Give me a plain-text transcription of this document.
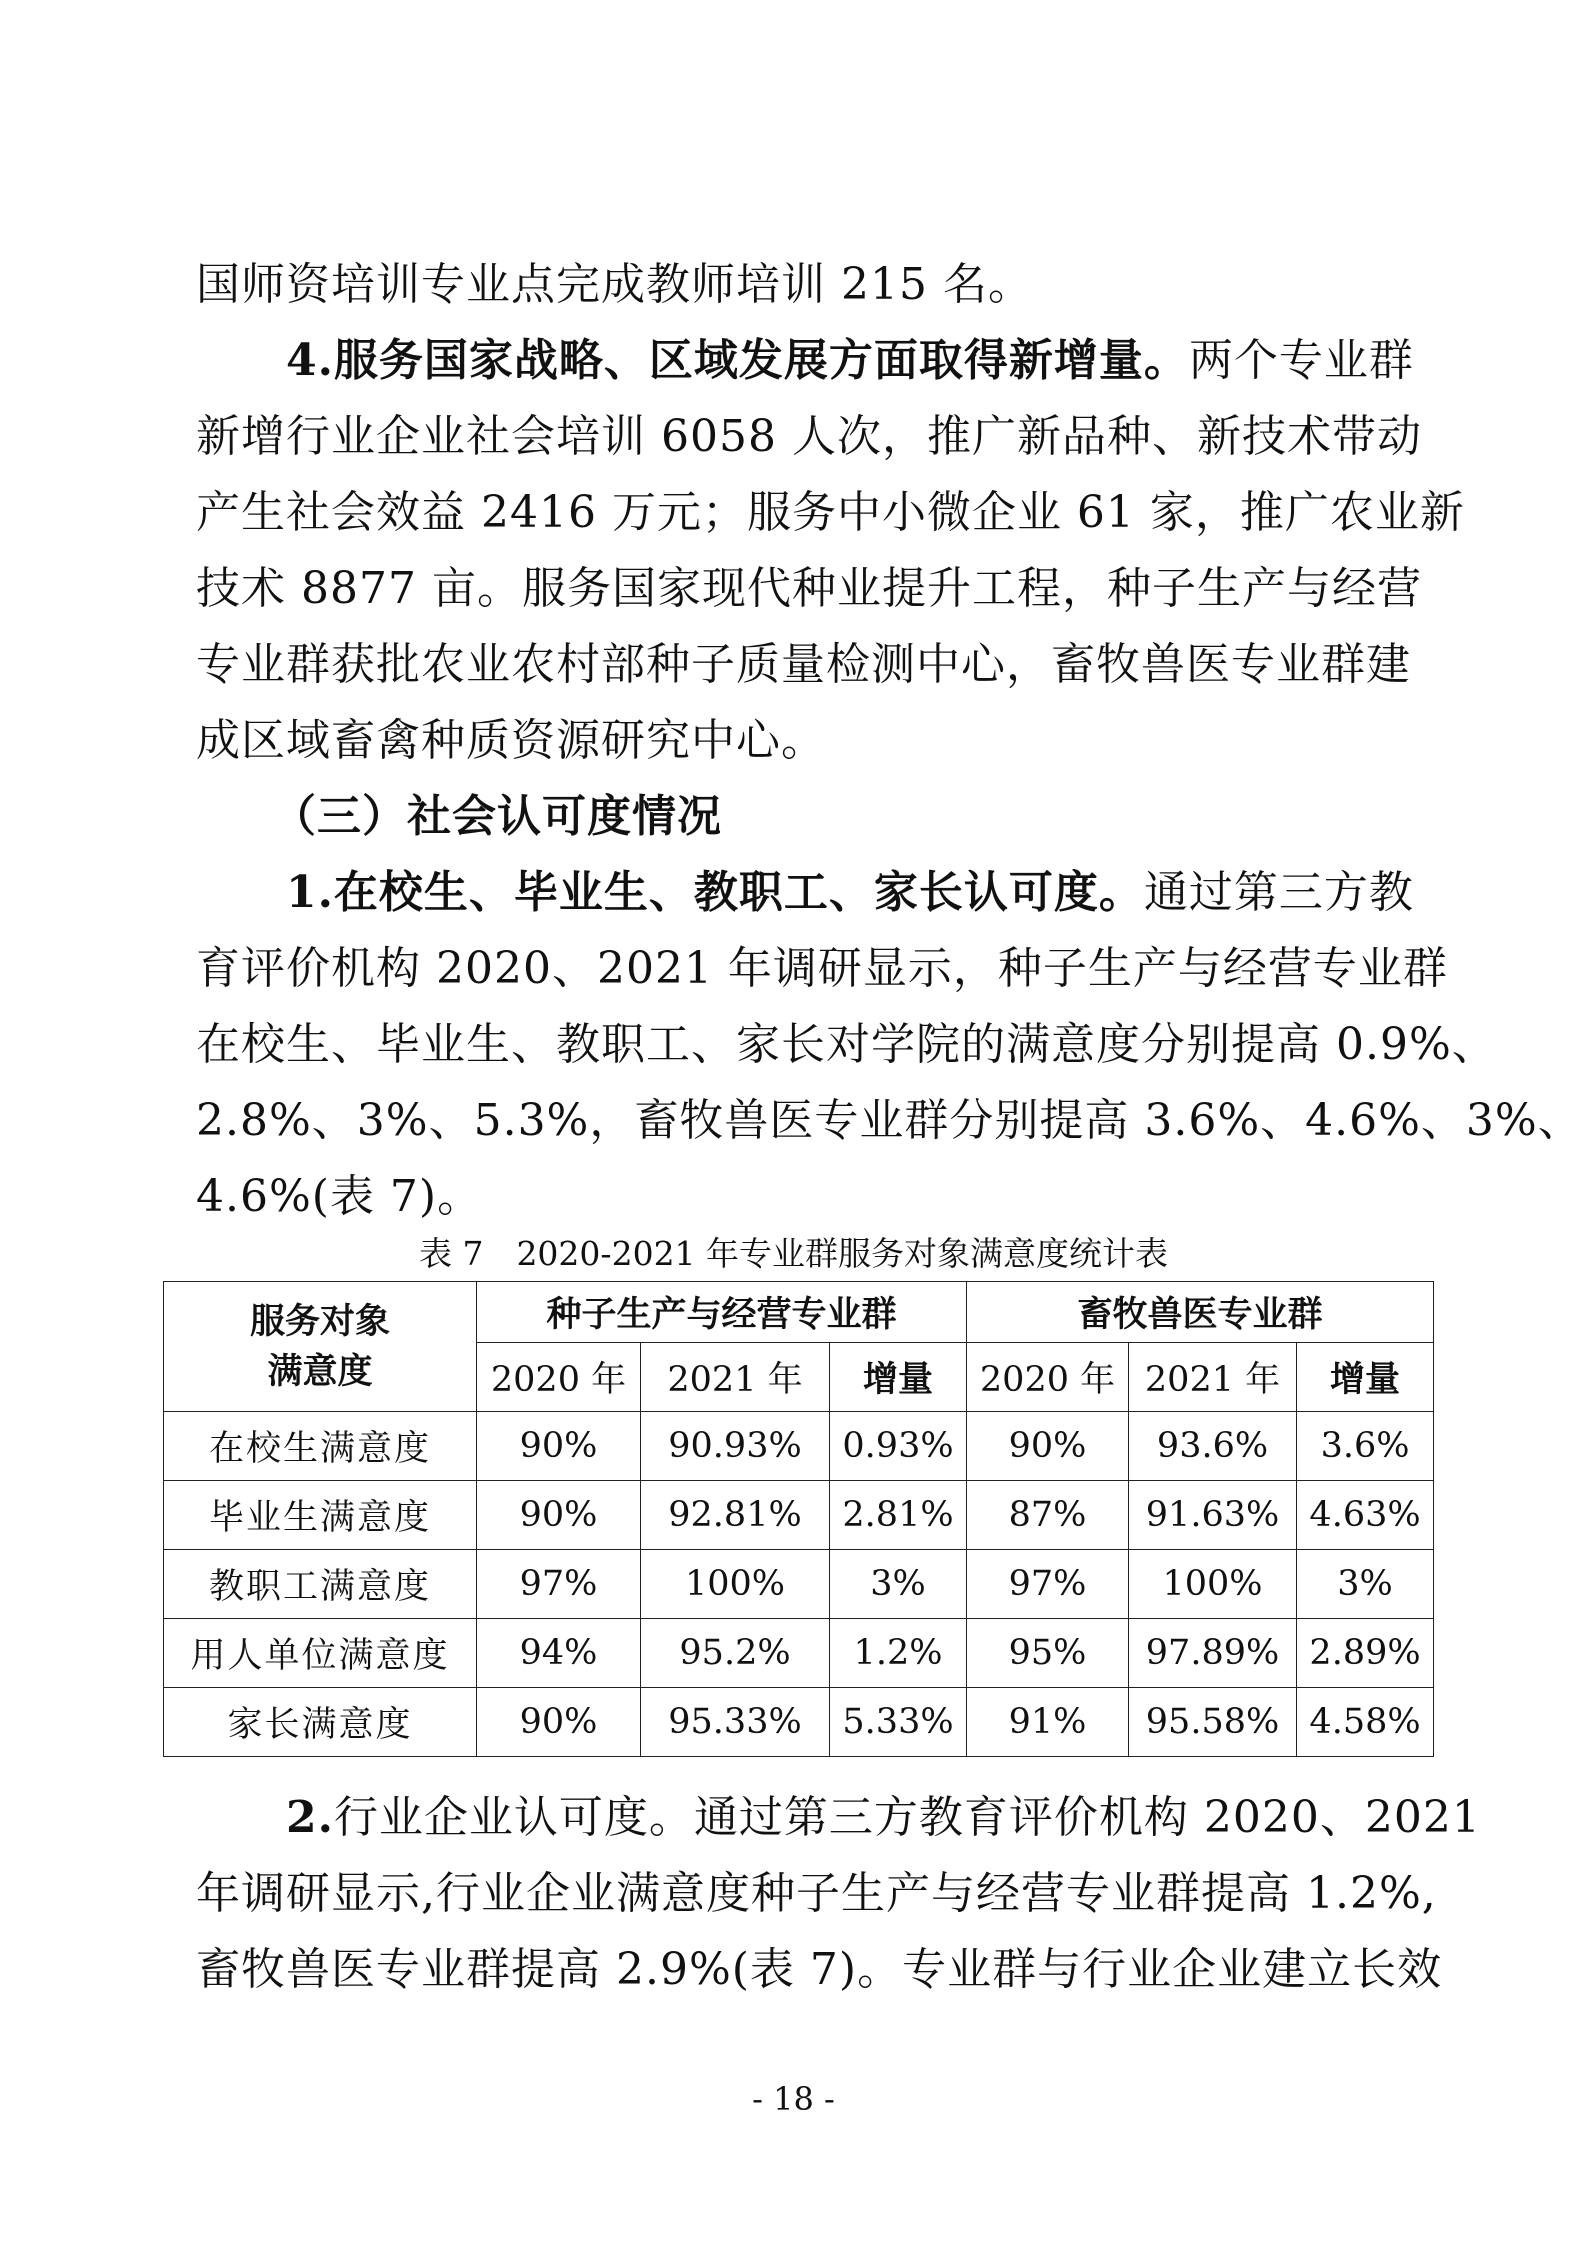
国师资培训专业点完成教师培训 215 名。
4.服务国家战略、区域发展方面取得新增量。两个专业群
新增行业企业社会培训 6058 人次，推广新品种、新技术带动
产生社会效益 2416 万元；服务中小微企业 61 家，推广农业新
技术 8877 亩。服务国家现代种业提升工程，种子生产与经营
专业群获批农业农村部种子质量检测中心，畜牧兽医专业群建
成区域畜禽种质资源研究中心。
（三）社会认可度情况
1.在校生、毕业生、教职工、家长认可度。通过第三方教
育评价机构 2020、2021 年调研显示，种子生产与经营专业群
在校生、毕业生、教职工、家长对学院的满意度分别提高 0.9%、
2.8%、3%、5.3%，畜牧兽医专业群分别提高 3.6%、4.6%、3%、
4.6%(表 7)。
表 7　2020-2021 年专业群服务对象满意度统计表
服务对象
满意度	种子生产与经营专业群			畜牧兽医专业群		
	2020 年	2021 年	增量	2020 年	2021 年	增量
在校生满意度	90%	90.93%	0.93%	90%	93.6%	3.6%
毕业生满意度	90%	92.81%	2.81%	87%	91.63%	4.63%
教职工满意度	97%	100%	3%	97%	100%	3%
用人单位满意度	94%	95.2%	1.2%	95%	97.89%	2.89%
家长满意度	90%	95.33%	5.33%	91%	95.58%	4.58%
2.行业企业认可度。通过第三方教育评价机构 2020、2021
年调研显示,行业企业满意度种子生产与经营专业群提高 1.2%,
畜牧兽医专业群提高 2.9%(表 7)。专业群与行业企业建立长效
- 18 -
